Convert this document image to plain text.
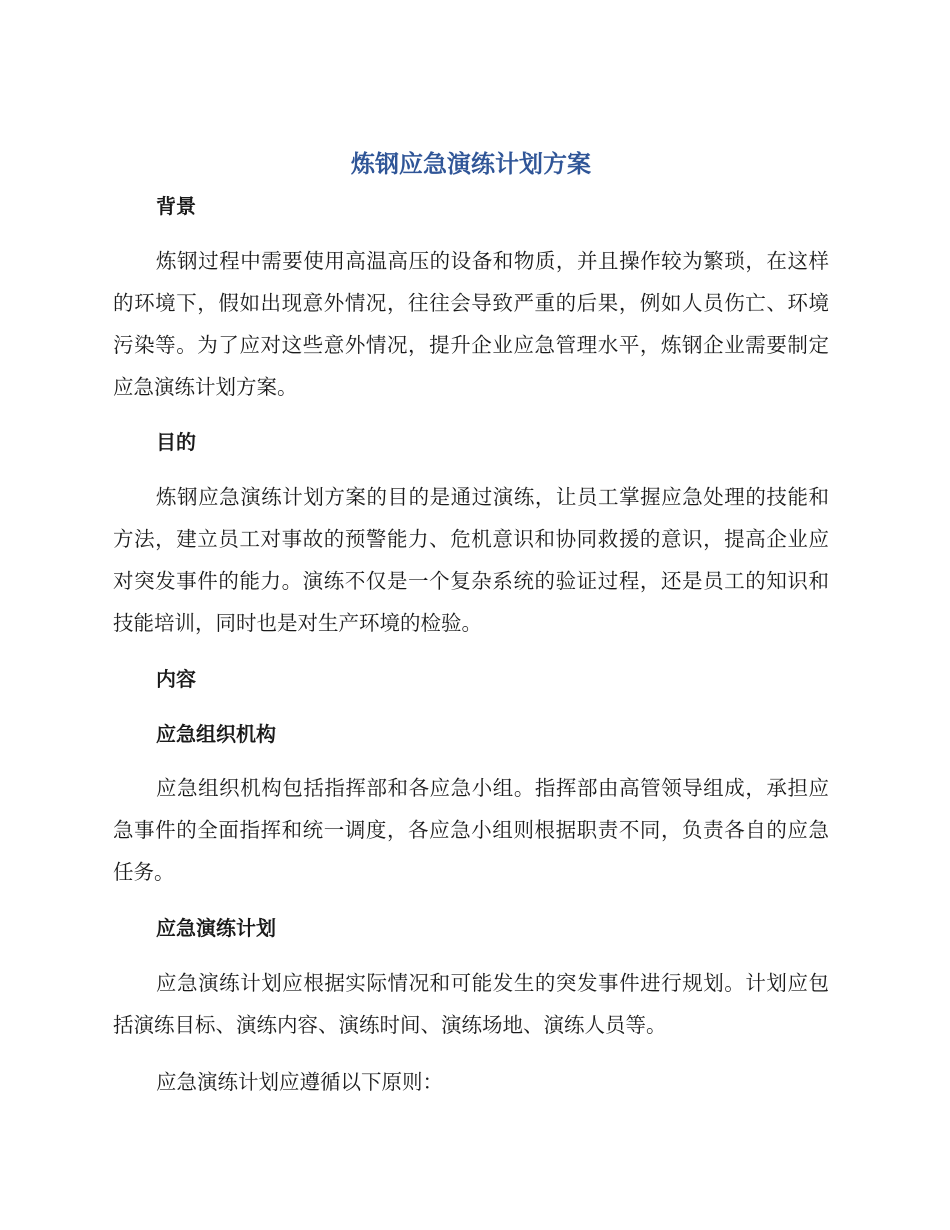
炼钢应急演练计划方案
背景

炼钢过程中需要使用高温高压的设备和物质，并且操作较为繁琐，在这样的环境下，假如出现意外情况，往往会导致严重的后果，例如人员伤亡、环境污染等。为了应对这些意外情况，提升企业应急管理水平，炼钢企业需要制定应急演练计划方案。

目的

炼钢应急演练计划方案的目的是通过演练，让员工掌握应急处理的技能和方法，建立员工对事故的预警能力、危机意识和协同救援的意识，提高企业应对突发事件的能力。演练不仅是一个复杂系统的验证过程，还是员工的知识和技能培训，同时也是对生产环境的检验。

内容
应急组织机构

应急组织机构包括指挥部和各应急小组。指挥部由高管领导组成，承担应急事件的全面指挥和统一调度，各应急小组则根据职责不同，负责各自的应急任务。

应急演练计划

应急演练计划应根据实际情况和可能发生的突发事件进行规划。计划应包括演练目标、演练内容、演练时间、演练场地、演练人员等。

应急演练计划应遵循以下原则：
